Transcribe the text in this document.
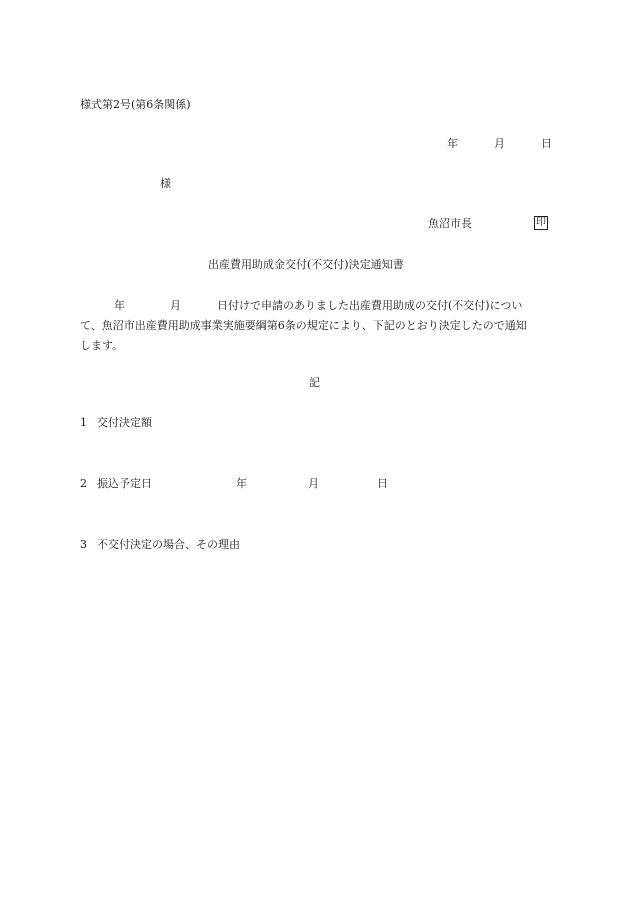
様式第2号(第6条関係)
年	月	日
様
魚沼市長	印
出産費用助成金交付(不交付)決定通知書
年	月	日付けで申請のありました出産費用助成の交付(不交付)につい
て、魚沼市出産費用助成事業実施要綱第6条の規定により、下記のとおり決定したので通知
します。
記
1 交付決定額
2 振込予定日	年	月	日
3 不交付決定の場合、その理由
